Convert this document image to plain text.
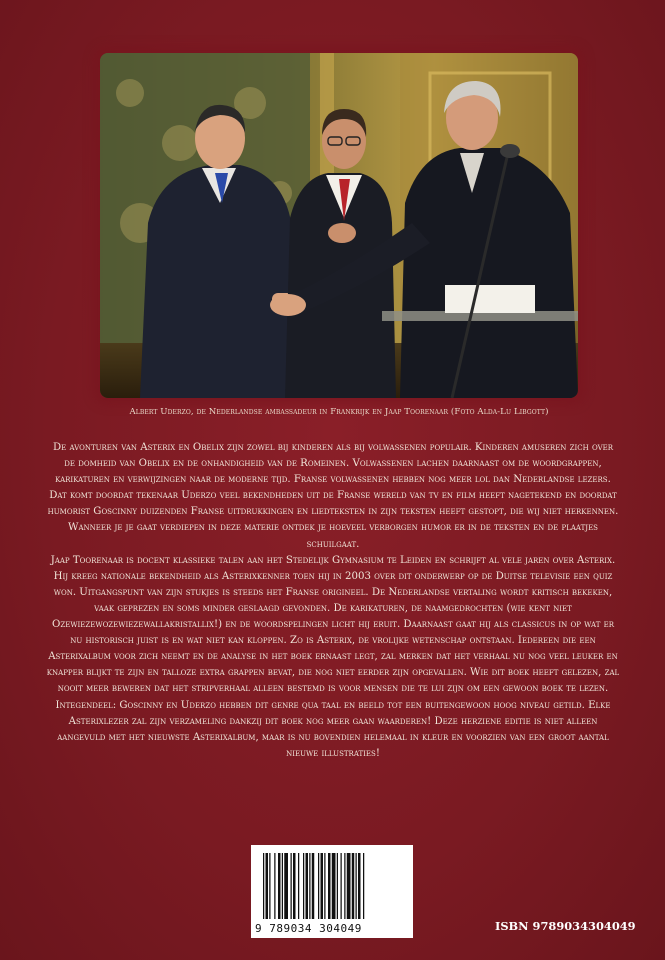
Albert Uderzo, de Nederlandse ambassadeur in Frankrijk en Jaap Toorenaar (Foto Alda-Lu Libgott)

De avonturen van Asterix en Obelix zijn zowel bij kinderen als bij volwassenen populair. Kinderen amuseren zich over de domheid van Obelix en de onhandigheid van de Romeinen. Volwassenen lachen daarnaast om de woordgrappen, karikaturen en verwijzingen naar de moderne tijd. Franse volwassenen hebben nog meer lol dan Nederlandse lezers. Dat komt doordat tekenaar Uderzo veel bekendheden uit de Franse wereld van tv en film heeft nagetekend en doordat humorist Goscinny duizenden Franse uitdrukkingen en liedteksten in zijn teksten heeft gestopt, die wij niet herkennen. Wanneer je je gaat verdiepen in deze materie ontdek je hoeveel verborgen humor er in de teksten en de plaatjes schuilgaat.

Jaap Toorenaar is docent klassieke talen aan het Stedelijk Gymnasium te Leiden en schrijft al vele jaren over Asterix. Hij kreeg nationale bekendheid als Asterixkenner toen hij in 2003 over dit onderwerp op de Duitse televisie een quiz won. Uitgangspunt van zijn stukjes is steeds het Franse origineel. De Nederlandse vertaling wordt kritisch bekeken, vaak geprezen en soms minder geslaagd gevonden. De karikaturen, de naamgedrochten (wie kent niet Ozewiezewozewiezewallakristallix!) en de woordspelingen licht hij eruit. Daarnaast gaat hij als classicus in op wat er nu historisch juist is en wat niet kan kloppen. Zo is Asterix, de vrolijke wetenschap ontstaan. Iedereen die een Asterixalbum voor zich neemt en de analyse in het boek ernaast legt, zal merken dat het verhaal nu nog veel leuker en knapper blijkt te zijn en talloze extra grappen bevat, die nog niet eerder zijn opgevallen. Wie dit boek heeft gelezen, zal nooit meer beweren dat het stripverhaal alleen bestemd is voor mensen die te lui zijn om een gewoon boek te lezen. Integendeel: Goscinny en Uderzo hebben dit genre qua taal en beeld tot een buitengewoon hoog niveau getild. Elke Asterixlezer zal zijn verzameling dankzij dit boek nog meer gaan waarderen! Deze herziene editie is niet alleen aangevuld met het nieuwste Asterixalbum, maar is nu bovendien helemaal in kleur en voorzien van een groot aantal nieuwe illustraties!

9 789034 304049	ISBN 9789034304049
